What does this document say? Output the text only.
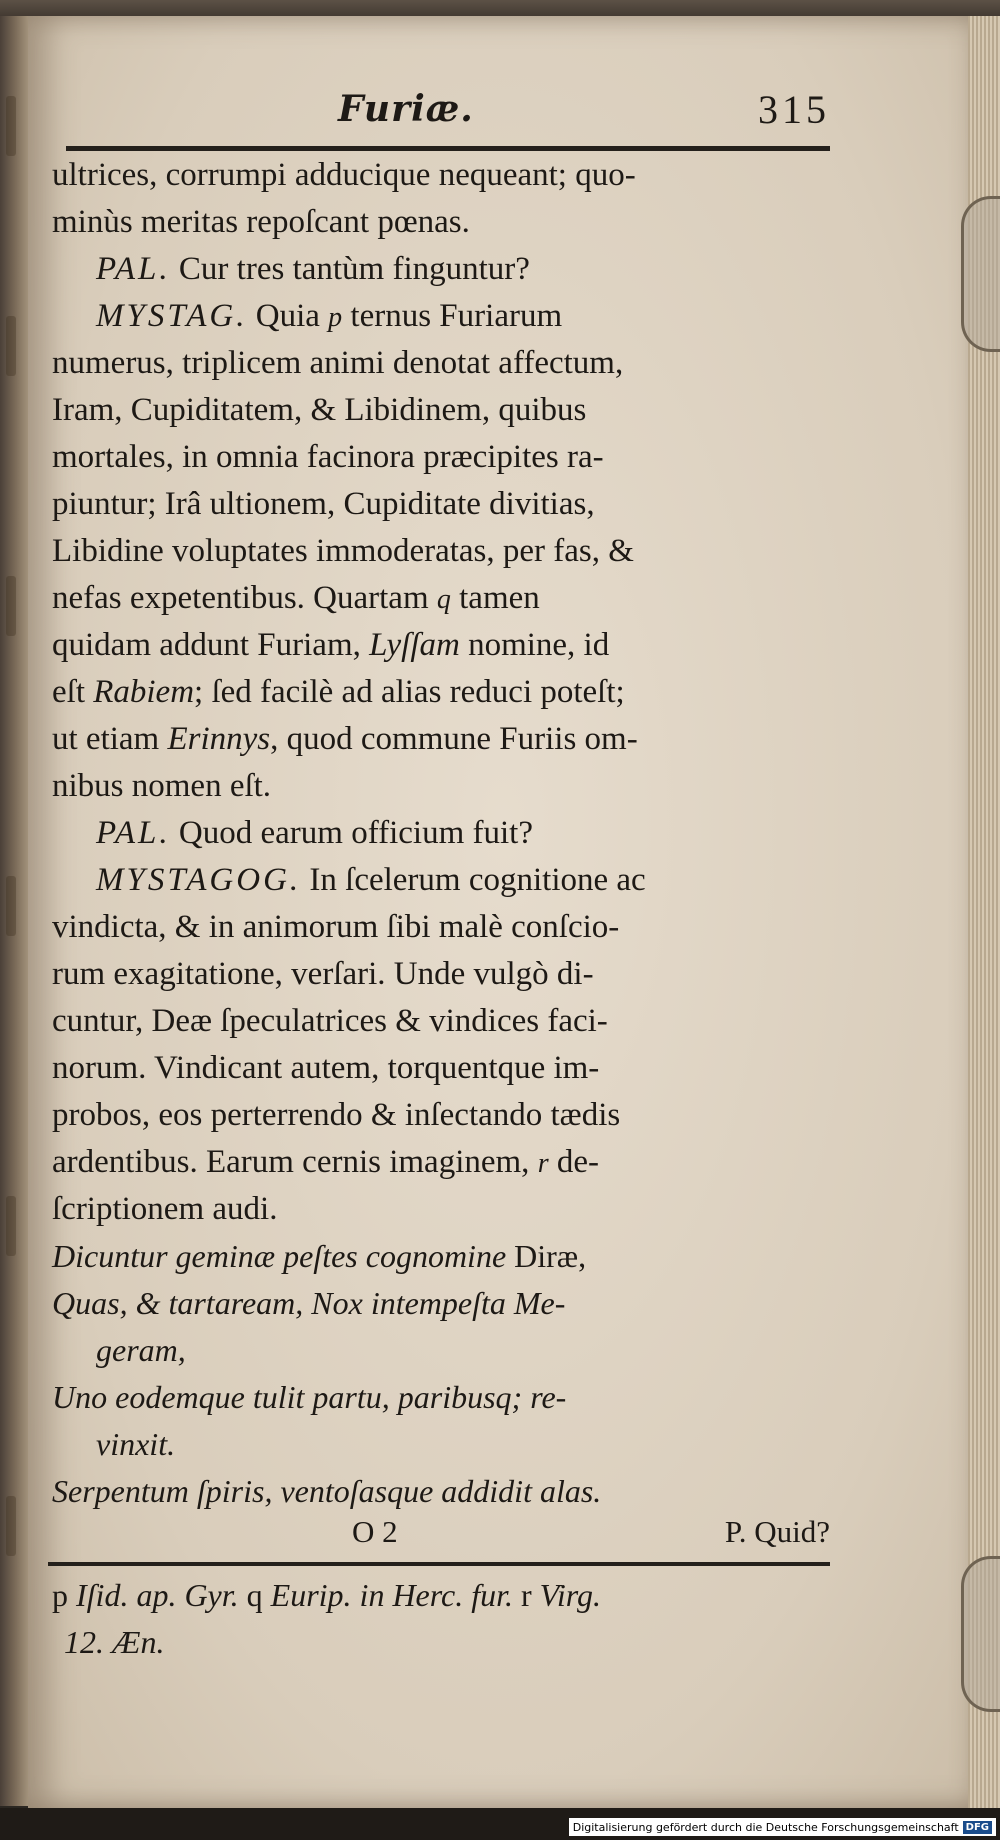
Furiæ.	315
ultrices, corrumpi adducique nequeant; quo-
minùs meritas repoſcant pœnas.
PAL. Cur tres tantùm finguntur?
MYSTAG. Quia p ternus Furiarum
numerus, triplicem animi denotat affectum,
Iram, Cupiditatem, & Libidinem, quibus
mortales, in omnia facinora præcipites ra-
piuntur; Irâ ultionem, Cupiditate divitias,
Libidine voluptates immoderatas, per fas, &
nefas expetentibus. Quartam q tamen
quidam addunt Furiam, Lyſſam nomine, id
eſt Rabiem; ſed facilè ad alias reduci poteſt;
ut etiam Erinnys, quod commune Furiis om-
nibus nomen eſt.
PAL. Quod earum officium fuit?
MYSTAGOG. In ſcelerum cognitione ac
vindicta, & in animorum ſibi malè conſcio-
rum exagitatione, verſari. Unde vulgò di-
cuntur, Deæ ſpeculatrices & vindices faci-
norum. Vindicant autem, torquentque im-
probos, eos perterrendo & inſectando tædis
ardentibus. Earum cernis imaginem, r de-
ſcriptionem audi.
Dicuntur geminæ peſtes cognomine Diræ,
Quas, & tartaream, Nox intempeſta Me-
geram,
Uno eodemque tulit partu, paribusq; re-
vinxit.
Serpentum ſpiris, ventoſasque addidit alas.
O 2	P. Quid?
p Iſid. ap. Gyr. q Eurip. in Herc. fur. r Virg.
12. Æn.
Digitalisierung gefördert durch die Deutsche Forschungsgemeinschaft DFG
